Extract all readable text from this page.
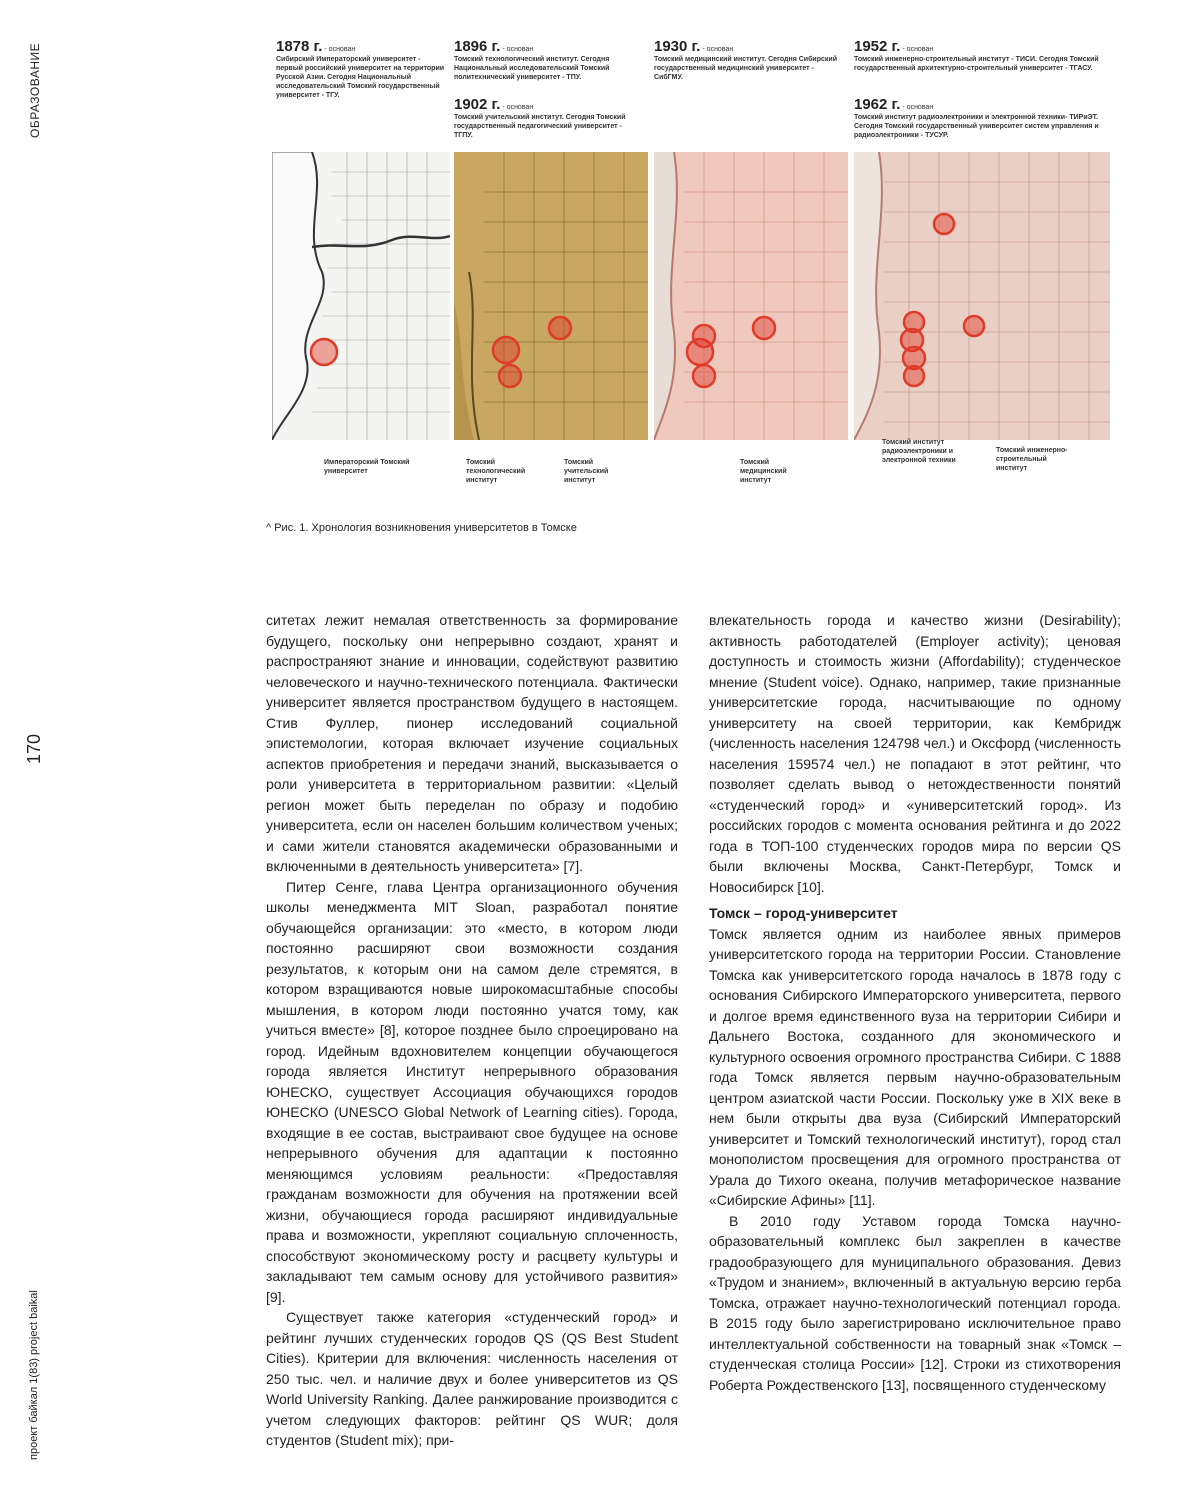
ОБРАЗОВАНИЕ
170
проект байкал 1(83) project baikal
1878 г. - основан
Сибирский Императорский университет - первый российский университет на территории Русской Азии. Сегодня Национальный исследовательский Томский государственный университет - ТГУ.
1896 г. - основан
Томский технологический институт. Сегодня Национальный исследовательский Томский политехнический университет - ТПУ.
1902 г. - основан
Томский учительский институт. Сегодня Томский государственный педагогический университет - ТГПУ.
1930 г. - основан
Томский медицинский институт. Сегодня Сибирский государственный медицинский университет - СибГМУ.
1952 г. - основан
Томский инженерно-строительный институт - ТИСИ. Сегодня Томский государственный архитектурно-строительный университет - ТГАСУ.
1962 г. - основан
Томский институт радиоэлектроники и электронной техники- ТИРиЭТ. Сегодня Томский государственный университет систем управления и радиоэлектроники - ТУСУР.
Императорский Томский университет
Томский технологический институт
Томский учительский институт
Томский медицинский институт
Томский институт радиоэлектроники и электронной техники
Томский инженерно-строительный институт
^ Рис. 1. Хронология возникновения университетов в Томске

ситетах лежит немалая ответственность за формирование будущего, поскольку они непрерывно создают, хранят и распространяют знание и инновации, содействуют развитию человеческого и научно-технического потенциала. Фактически университет является пространством будущего в настоящем. Стив Фуллер, пионер исследований социальной эпистемологии, которая включает изучение социальных аспектов приобретения и передачи знаний, высказывается о роли университета в территориальном развитии: «Целый регион может быть переделан по образу и подобию университета, если он населен большим количеством ученых; и сами жители становятся академически образованными и включенными в деятельность университета» [7].

Питер Сенге, глава Центра организационного обучения школы менеджмента MIT Sloan, разработал понятие обучающейся организации: это «место, в котором люди постоянно расширяют свои возможности создания результатов, к которым они на самом деле стремятся, в котором взращиваются новые широкомасштабные способы мышления, в котором люди постоянно учатся тому, как учиться вместе» [8], которое позднее было спроецировано на город. Идейным вдохновителем концепции обучающегося города является Институт непрерывного образования ЮНЕСКО, существует Ассоциация обучающихся городов ЮНЕСКО (UNESCO Global Network of Learning cities). Города, входящие в ее состав, выстраивают свое будущее на основе непрерывного обучения для адаптации к постоянно меняющимся условиям реальности: «Предоставляя гражданам возможности для обучения на протяжении всей жизни, обучающиеся города расширяют индивидуальные права и возможности, укрепляют социальную сплоченность, способствуют экономическому росту и расцвету культуры и закладывают тем самым основу для устойчивого развития» [9].

Существует также категория «студенческий город» и рейтинг лучших студенческих городов QS (QS Best Student Cities). Критерии для включения: численность населения от 250 тыс. чел. и наличие двух и более университетов из QS World University Ranking. Далее ранжирование производится с учетом следующих факторов: рейтинг QS WUR; доля студентов (Student mix); при-

влекательность города и качество жизни (Desirability); активность работодателей (Employer activity); ценовая доступность и стоимость жизни (Affordability); студенческое мнение (Student voice). Однако, например, такие признанные университетские города, насчитывающие по одному университету на своей территории, как Кембридж (численность населения 124798 чел.) и Оксфорд (численность населения 159574 чел.) не попадают в этот рейтинг, что позволяет сделать вывод о нетождественности понятий «студенческий город» и «университетский город». Из российских городов с момента основания рейтинга и до 2022 года в ТОП-100 студенческих городов мира по версии QS были включены Москва, Санкт-Петербург, Томск и Новосибирск [10].

Томск – город-университет

Томск является одним из наиболее явных примеров университетского города на территории России. Становление Томска как университетского города началось в 1878 году с основания Сибирского Императорского университета, первого и долгое время единственного вуза на территории Сибири и Дальнего Востока, созданного для экономического и культурного освоения огромного пространства Сибири. С 1888 года Томск является первым научно-образовательным центром азиатской части России. Поскольку уже в XIX веке в нем были открыты два вуза (Сибирский Императорский университет и Томский технологический институт), город стал монополистом просвещения для огромного пространства от Урала до Тихого океана, получив метафорическое название «Сибирские Афины» [11].

В 2010 году Уставом города Томска научно-образовательный комплекс был закреплен в качестве градообразующего для муниципального образования. Девиз «Трудом и знанием», включенный в актуальную версию герба Томска, отражает научно-технологический потенциал города. В 2015 году было зарегистрировано исключительное право интеллектуальной собственности на товарный знак «Томск – студенческая столица России» [12]. Строки из стихотворения Роберта Рождественского [13], посвященного студенческому
